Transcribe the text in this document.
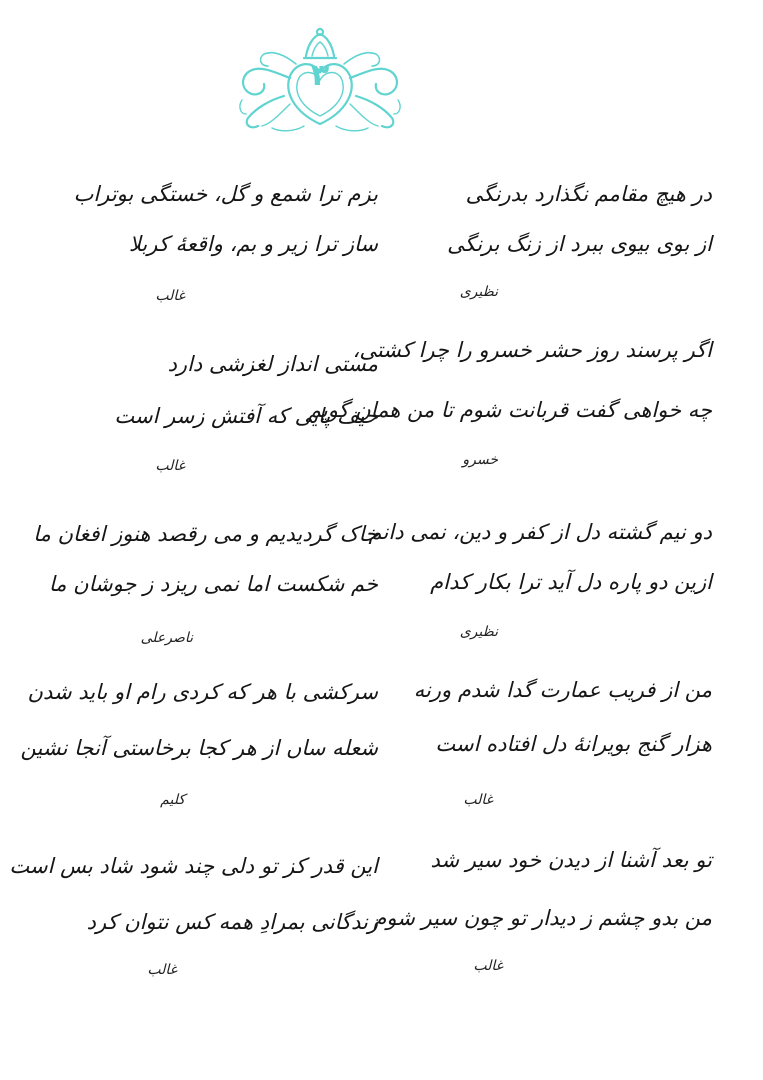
۳
در هیچ مقامم نگذارد بدرنگی
از بوی بیوی ببرد از زنگ برنگی
نظیری
بزم ترا شمع و گل، خستگی بوتراب
ساز ترا زیر و بم، واقعهٔ کربلا
غالب
اگر پرسند روز حشر خسرو را چرا کشتی،
چه خواهی گفت قربانت شوم تا من همان گویم
خسرو
مستی انداز لغزشی دارد
حیف پایی که آفتش زسر است
غالب
دو نیم گشته دل از کفر و دین، نمی دانم
ازین دو پاره دل آید ترا بکار کدام
نظیری
خاک گردیدیم و می رقصد هنوز افغان ما
خم شکست اما نمی ریزد ز جوشان ما
ناصرعلی
من از فریب عمارت گدا شدم ورنه
هزار گنج بویرانهٔ دل افتاده است
غالب
سرکشی با هر که کردی رام او باید شدن
شعله ساں از هر کجا برخاستی آنجا نشین
کلیم
تو بعد آشنا از دیدن خود سیر شد
من بدو چشم ز دیدار تو چون سیر شوم
غالب
این قدر کز تو دلی چند شود شاد بس است
زندگانی بمرادِ همه کس نتوان کرد
غالب
